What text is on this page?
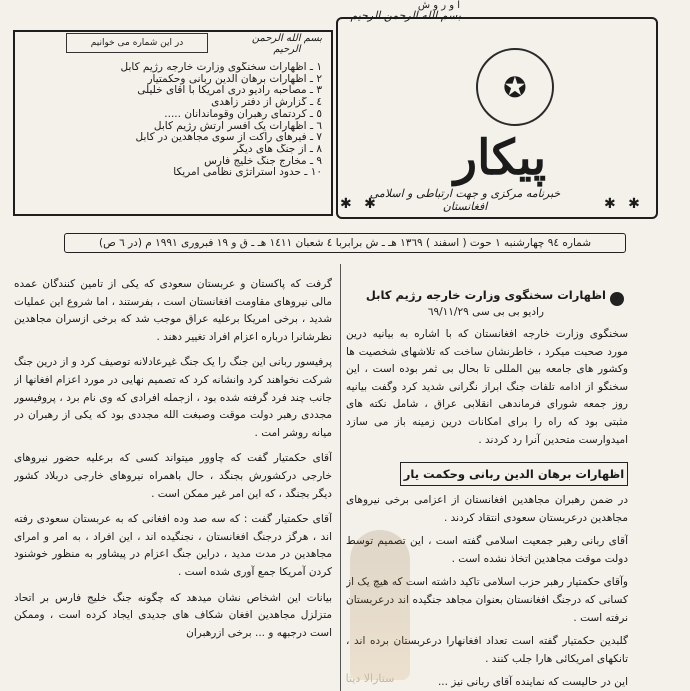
ا و ر و ش
بسم الله الرحمن الرحيم
✪
پیکار
خبرنامه مرکزی و جهت ارتباطی و اسلامی افغانستان	✱ ✱
✱ ✱
در این شماره می خوانیم	بسم الله الرحمن الرحیم
١ ـ اظهارات سخنگوی وزارت خارجه رژیم کابل
٢ ـ اظهارات برهان الدین ربانی وحکمتیار
٣ ـ مصاحبه رادیو دری امریکا با آقای خلیلی
٤ ـ گزارش از دفتر زاهدی
٥ ـ کردتمای رهبران وقوماندانان .....
٦ ـ اظهارات یک افسر ارتش رژیم کابل
٧ ـ فیرهای راکت از سوی مجاهدین در کابل
٨ ـ از جنگ های دیگر
٩ ـ مخارج جنگ خلیج فارس
١٠ ـ حدود استراتژی نظامی آمریکا
شماره ٩٤ چهارشنبه ١ حوت ( اسفند ) ١٣٦٩ هـ ـ ش برابربا ٤ شعبان ١٤١١ هـ ـ ق و ١٩ فبروری ١٩٩١ م (در ٦ ص)

گرفت که پاکستان و عربستان سعودی که یکی از تامین کنندگان عمده مالی نیروهای مقاومت افغانستان است ، بفرستند ، اما شروع این عملیات شدید ، برخی امریکا برعلیه عراق موجب شد که برخی ازسران مجاهدین نظرشانرا درباره اعزام افراد تغییر دهند .

پرفیسور ربانی این جنگ را یک جنگ غیرعادلانه توصیف کرد و از درین جنگ شرکت نخواهند کرد وانشانه کرد که تصمیم نهایی در مورد اعزام افغانها از جانب چند فرد گرفته شده بود ، ازجمله افرادی که وی نام برد ، پروفیسور مجددی رهبر دولت موقت وصبغت الله مجددی بود که یکی از رهبران در میانه روشر امت .

آقای حکمتیار گفت که چاوور میتواند کسی که برعلیه حضور نیروهای خارجی درکشورش بجنگد ، حال باهمراه نیروهای خارجی دربلاد کشور دیگر بجنگد ، که این امر غیر ممکن است .

آقای حکمتیار گفت : که سه صد وده افغانی که به عربستان سعودی رفته اند ، هرگز درجنگ افغانستان ، نجنگیده اند ، این افراد ، به امر و امرای مجاهدین در مدت مدید ، دراین جنگ اعزام در پیشاور به منظور خوشنود کردن آمریکا جمع آوری شده است .

بیانات این اشخاص نشان میدهد که چگونه جنگ خلیج فارس بر اتحاد متزلزل مجاهدین افغان شکاف های جدیدی ایجاد کرده است ، وممکن است درجبهه و ... برخی ازرهبران

اظهارات سخنگوی وزارت خارجه رژیم کابل
رادیو بی بی سی ٦٩/١١/٢٩
سخنگوی وزارت خارجه افغانستان که با اشاره به بیانیه درین مورد صحبت میکرد ، خاطرنشان ساخت که تلاشهای شخصیت ها وکشور های جامعه بین المللی تا بحال بی ثمر بوده است ، این سخنگو از ادامه تلفات جنگ ابراز نگرانی شدید کرد وگفت بیانیه روز جمعه شورای فرماندهی انقلابی عراق ، شامل نکته های مثبتی بود که راه را برای امکانات درین زمینه باز می سازد امیدوارست متحدین آنرا رد کردند .
اظهارات برهان الدین ربانی وحکمت یار

در ضمن رهبران مجاهدین افغانستان از اعزامی برخی نیروهای مجاهدین درعربستان سعودی انتقاد کردند .

آقای ربانی رهبر جمعیت اسلامی گفته است ، این تصمیم توسط دولت موقت مجاهدین اتخاذ نشده است .

وآقای حکمتیار رهبر حزب اسلامی تاکید داشته است که هیچ یک از کسانی که درجنگ افغانستان بعنوان مجاهد جنگیده اند درعربستان نرفته است .

گلبدین حکمتیار گفته است تعداد افغانهارا درعربستان برده اند ، تانکهای امریکائی هارا جلب کنند .

این در حالیست که نماینده آقای ربانی نیز ...

ستارالا دیتا
